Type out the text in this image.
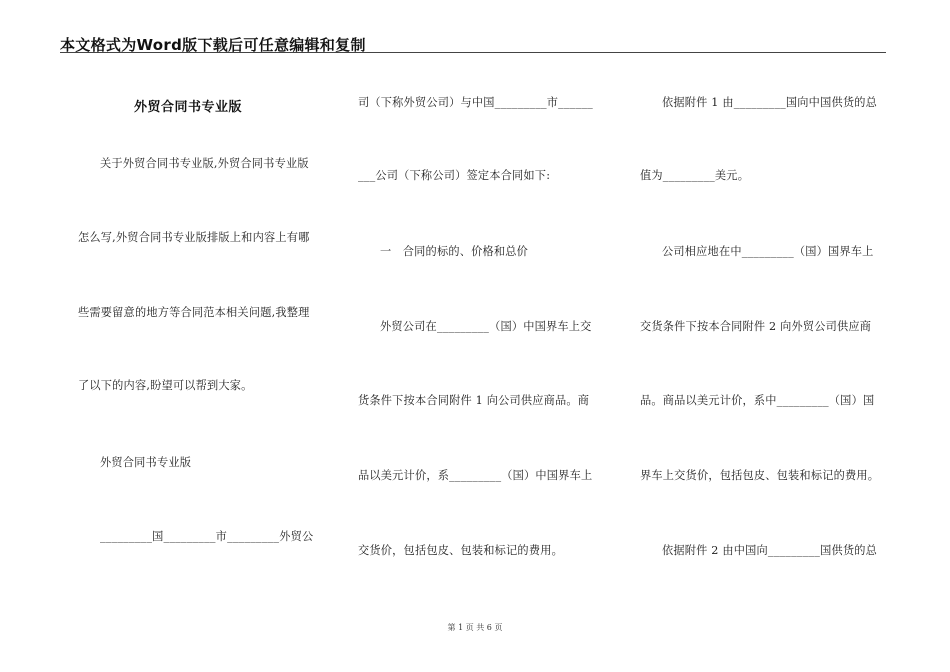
本文格式为Word版下载后可任意编辑和复制
外贸合同书专业版
关于外贸合同书专业版,外贸合同书专业版
怎么写,外贸合同书专业版排版上和内容上有哪
些需要留意的地方等合同范本相关问题,我整理
了以下的内容,盼望可以帮到大家。
外贸合同书专业版
_________国_________市_________外贸公
司（下称外贸公司）与中国_________市______
___公司（下称公司）签定本合同如下:
一　合同的标的、价格和总价
外贸公司在_________（国）中国界车上交
货条件下按本合同附件 1 向公司供应商品。商
品以美元计价，系_________（国）中国界车上
交货价，包括包皮、包装和标记的费用。
依据附件 1 由_________国向中国供货的总
值为_________美元。
公司相应地在中_________（国）国界车上
交货条件下按本合同附件 2 向外贸公司供应商
品。商品以美元计价，系中_________（国）国
界车上交货价，包括包皮、包装和标记的费用。
依据附件 2 由中国向_________国供货的总
第 1 页 共 6 页
